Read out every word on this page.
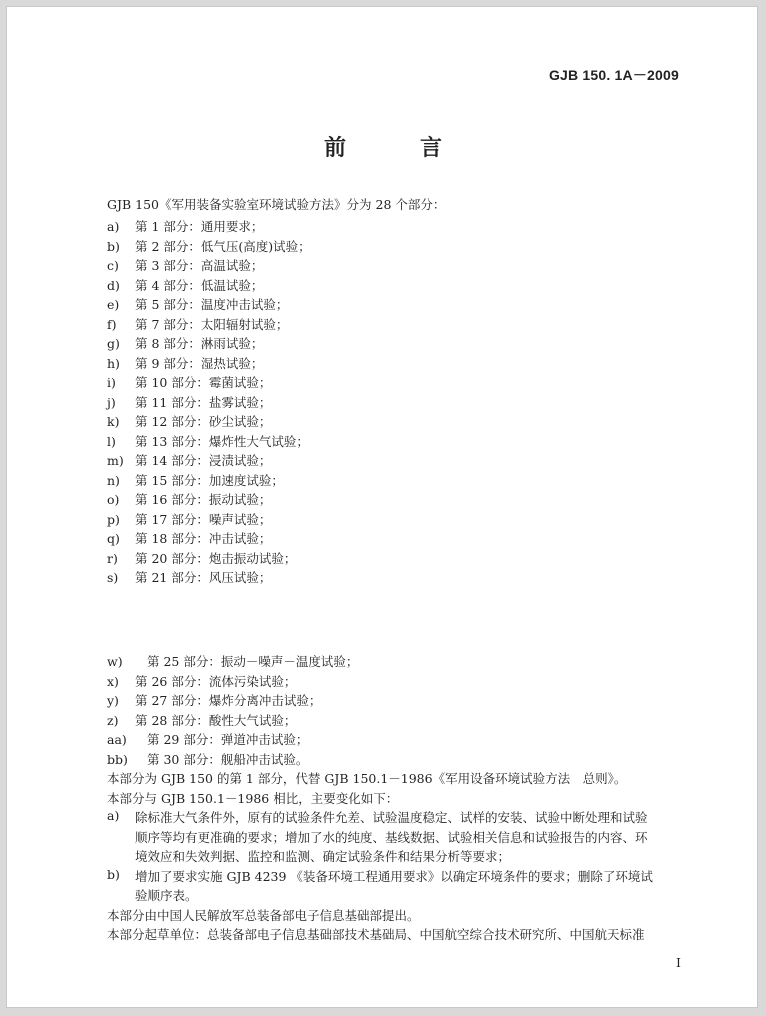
GJB 150. 1A－2009
前　言
GJB 150《军用装备实验室环境试验方法》分为 28 个部分：
a) 第 1 部分：通用要求；
b) 第 2 部分：低气压(高度)试验；
c) 第 3 部分：高温试验；
d) 第 4 部分：低温试验；
e) 第 5 部分：温度冲击试验；
f) 第 7 部分：太阳辐射试验；
g) 第 8 部分：淋雨试验；
h) 第 9 部分：湿热试验；
i) 第 10 部分：霉菌试验；
j) 第 11 部分：盐雾试验；
k) 第 12 部分：砂尘试验；
l) 第 13 部分：爆炸性大气试验；
m) 第 14 部分：浸渍试验；
n) 第 15 部分：加速度试验；
o) 第 16 部分：振动试验；
p) 第 17 部分：噪声试验；
q) 第 18 部分：冲击试验；
r) 第 20 部分：炮击振动试验；
s) 第 21 部分：风压试验；
w) 第 25 部分：振动－噪声－温度试验；
x) 第 26 部分：流体污染试验；
y) 第 27 部分：爆炸分离冲击试验；
z) 第 28 部分：酸性大气试验；
aa) 第 29 部分：弹道冲击试验；
bb) 第 30 部分：舰船冲击试验。
本部分为 GJB 150 的第 1 部分，代替 GJB 150.1－1986《军用设备环境试验方法　总则》。
本部分与 GJB 150.1－1986 相比，主要变化如下：
a)	除标准大气条件外，原有的试验条件允差、试验温度稳定、试样的安装、试验中断处理和试验
顺序等均有更准确的要求；增加了水的纯度、基线数据、试验相关信息和试验报告的内容、环
境效应和失效判据、监控和监测、确定试验条件和结果分析等要求；
b)	增加了要求实施 GJB 4239 《装备环境工程通用要求》以确定环境条件的要求；删除了环境试
验顺序表。
本部分由中国人民解放军总装备部电子信息基础部提出。
本部分起草单位：总装备部电子信息基础部技术基础局、中国航空综合技术研究所、中国航天标准
I
